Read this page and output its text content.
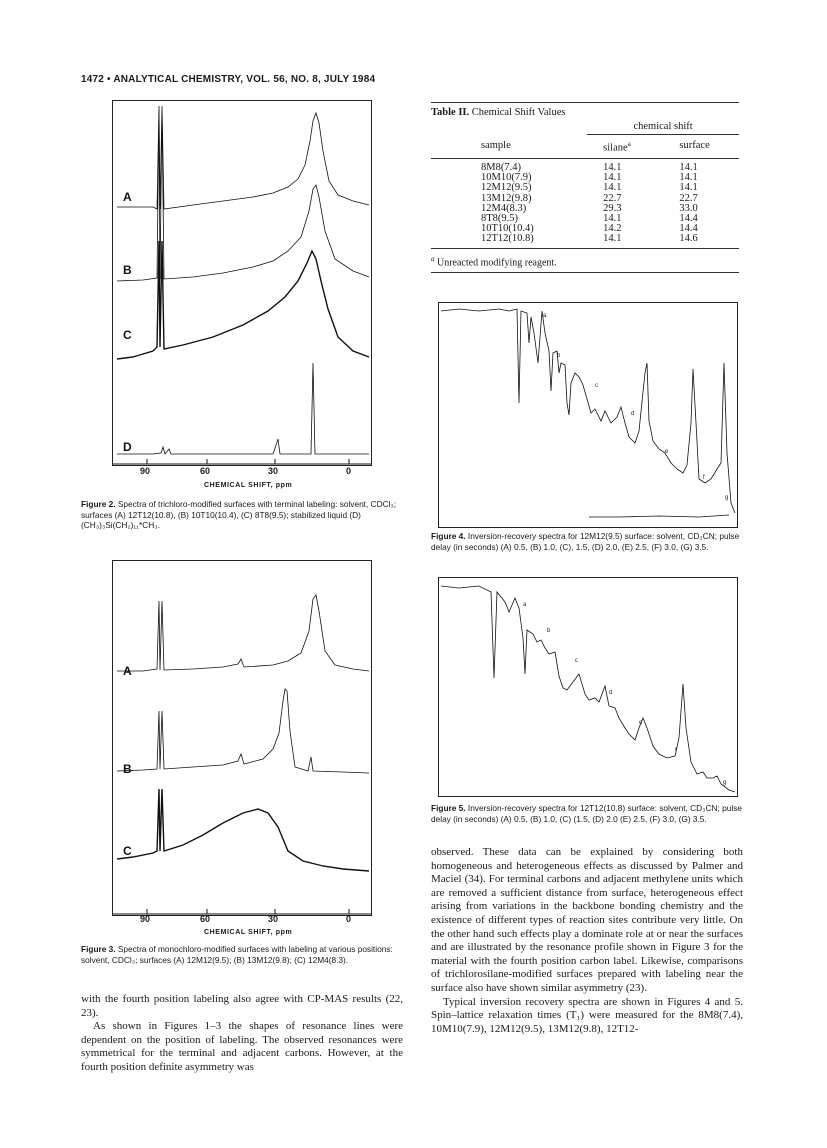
1472 • ANALYTICAL CHEMISTRY, VOL. 56, NO. 8, JULY 1984
A
B
C
D
90	60	30	0
CHEMICAL SHIFT, ppm
Figure 2. Spectra of trichloro-modified surfaces with terminal labeling: solvent, CDCl₃; surfaces (A) 12T12(10.8), (B) 10T10(10.4), (C) 8T8(9.5); stabilized liquid (D) (CH₃)₃Si(CH₂)₁₁*CH₃.
A
B
C
90	60	30	0
CHEMICAL SHIFT, ppm
Figure 3. Spectra of monochloro-modified surfaces with labeling at various positions: solvent, CDCl₃; surfaces (A) 12M12(9.5); (B) 13M12(9.8); (C) 12M4(8.3).

with the fourth position labeling also agree with CP-MAS results (22, 23).

As shown in Figures 1–3 the shapes of resonance lines were dependent on the position of labeling. The observed resonances were symmetrical for the terminal and adjacent carbons. However, at the fourth position definite asymmetry was

Table II. Chemical Shift Values
	chemical shift	
sample	silane$^a$	surface
8M8(7.4)	14.1	14.1
10M10(7.9)	14.1	14.1
12M12(9.5)	14.1	14.1
13M12(9.8)	22.7	22.7
12M4(8.3)	29.3	33.0
8T8(9.5)	14.1	14.4
10T10(10.4)	14.2	14.4
12T12(10.8)	14.1	14.6
$^a$ Unreacted modifying reagent.
a
b
c
d
e
f
g
Figure 4. Inversion-recovery spectra for 12M12(9.5) surface: solvent, CD₃CN; pulse delay (in seconds) (A) 0.5, (B) 1.0, (C), 1.5, (D) 2.0, (E) 2.5, (F) 3.0, (G) 3.5.
a
b
c
d
e
f
g
Figure 5. Inversion-recovery spectra for 12T12(10.8) surface: solvent, CD₃CN; pulse delay (in seconds) (A) 0.5, (B) 1.0, (C) (1.5, (D) 2.0 (E) 2.5, (F) 3.0, (G) 3.5.

observed. These data can be explained by considering both homogeneous and heterogeneous effects as discussed by Palmer and Maciel (34). For terminal carbons and adjacent methylene units which are removed a sufficient distance from surface, heterogeneous effect arising from variations in the backbone bonding chemistry and the existence of different types of reaction sites contribute very little. On the other hand such effects play a dominate role at or near the surfaces and are illustrated by the resonance profile shown in Figure 3 for the material with the fourth position carbon label. Likewise, comparisons of trichlorosilane-modified surfaces prepared with labeling near the surface also have shown similar asymmetry (23).

Typical inversion recovery spectra are shown in Figures 4 and 5. Spin–lattice relaxation times (T₁) were measured for the 8M8(7.4), 10M10(7.9), 12M12(9.5), 13M12(9.8), 12T12-
